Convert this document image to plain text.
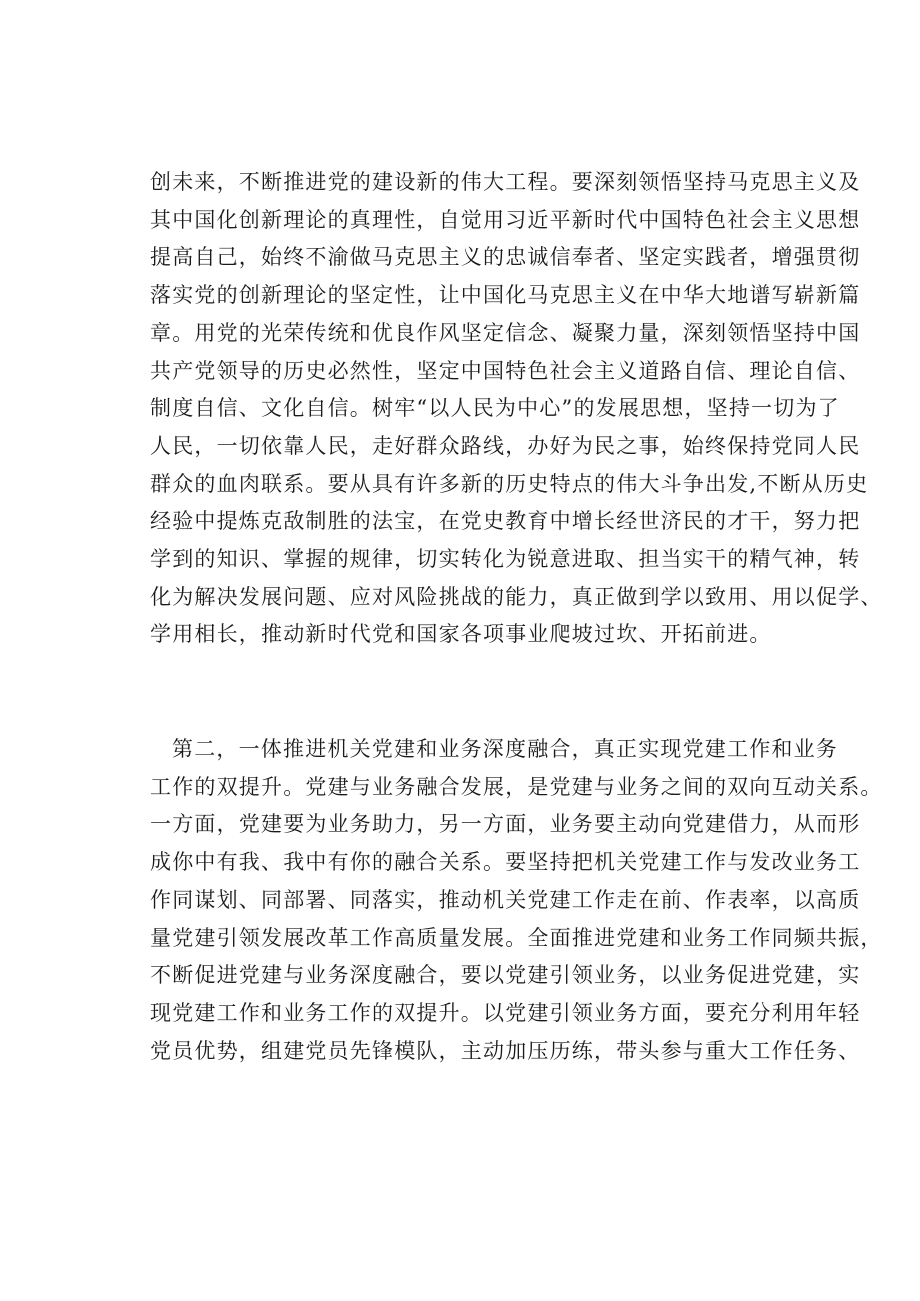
创未来，不断推进党的建设新的伟大工程。要深刻领悟坚持马克思主义及
其中国化创新理论的真理性，自觉用习近平新时代中国特色社会主义思想
提高自己，始终不渝做马克思主义的忠诚信奉者、坚定实践者，增强贯彻
落实党的创新理论的坚定性，让中国化马克思主义在中华大地谱写崭新篇
章。用党的光荣传统和优良作风坚定信念、凝聚力量，深刻领悟坚持中国
共产党领导的历史必然性，坚定中国特色社会主义道路自信、理论自信、
制度自信、文化自信。树牢“以人民为中心”的发展思想，坚持一切为了
人民，一切依靠人民，走好群众路线，办好为民之事，始终保持党同人民
群众的血肉联系。要从具有许多新的历史特点的伟大斗争出发,不断从历史
经验中提炼克敌制胜的法宝，在党史教育中增长经世济民的才干，努力把
学到的知识、掌握的规律，切实转化为锐意进取、担当实干的精气神，转
化为解决发展问题、应对风险挑战的能力，真正做到学以致用、用以促学、
学用相长，推动新时代党和国家各项事业爬坡过坎、开拓前进。
第二，一体推进机关党建和业务深度融合，真正实现党建工作和业务
工作的双提升。党建与业务融合发展，是党建与业务之间的双向互动关系。
一方面，党建要为业务助力，另一方面，业务要主动向党建借力，从而形
成你中有我、我中有你的融合关系。要坚持把机关党建工作与发改业务工
作同谋划、同部署、同落实，推动机关党建工作走在前、作表率，以高质
量党建引领发展改革工作高质量发展。全面推进党建和业务工作同频共振，
不断促进党建与业务深度融合，要以党建引领业务，以业务促进党建，实
现党建工作和业务工作的双提升。以党建引领业务方面，要充分利用年轻
党员优势，组建党员先锋模队，主动加压历练，带头参与重大工作任务、
